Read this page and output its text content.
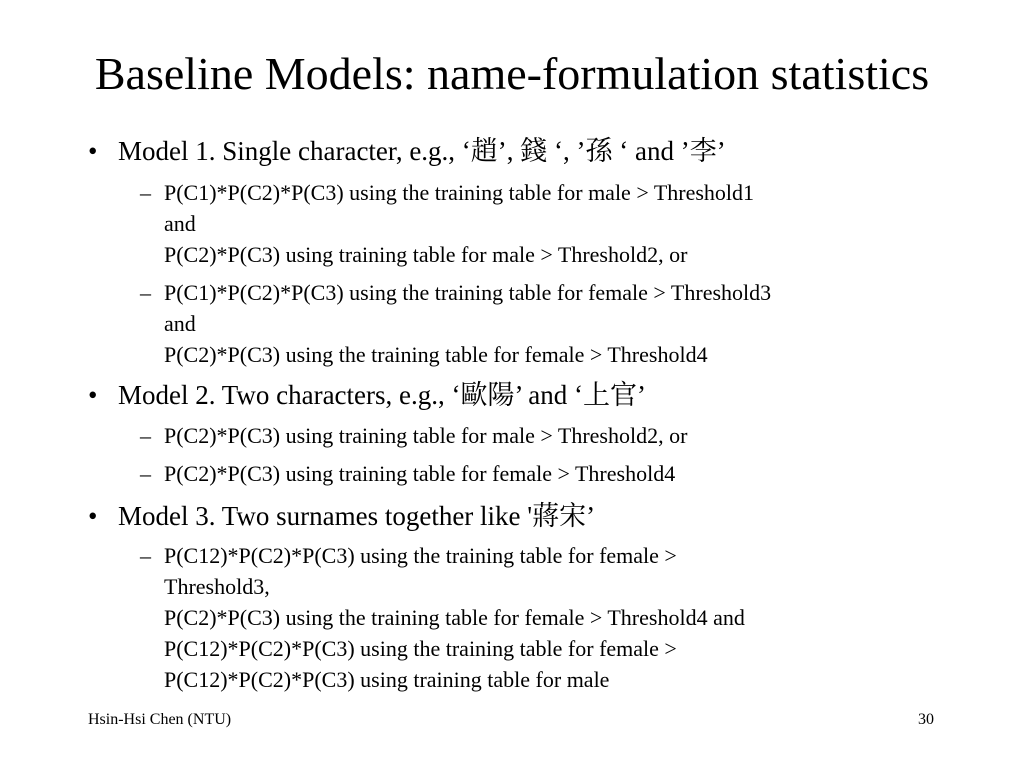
Baseline Models: name-formulation statistics
• Model 1. Single character, e.g., ‘趙’, 錢 ‘, ’孫 ‘ and ’李’
– P(C1)*P(C2)*P(C3) using the training table for male > Threshold1
and
P(C2)*P(C3) using training table for male > Threshold2, or
– P(C1)*P(C2)*P(C3) using the training table for female > Threshold3
and
P(C2)*P(C3) using the training table for female > Threshold4
• Model 2. Two characters, e.g., ‘歐陽’ and ‘上官’
– P(C2)*P(C3) using training table for male > Threshold2, or
– P(C2)*P(C3) using training table for female > Threshold4
• Model 3. Two surnames together like '蔣宋’
– P(C12)*P(C2)*P(C3) using the training table for female >
Threshold3,
P(C2)*P(C3) using the training table for female > Threshold4 and
P(C12)*P(C2)*P(C3) using the training table for female >
P(C12)*P(C2)*P(C3) using training table for male
Hsin-Hsi Chen (NTU)	30
